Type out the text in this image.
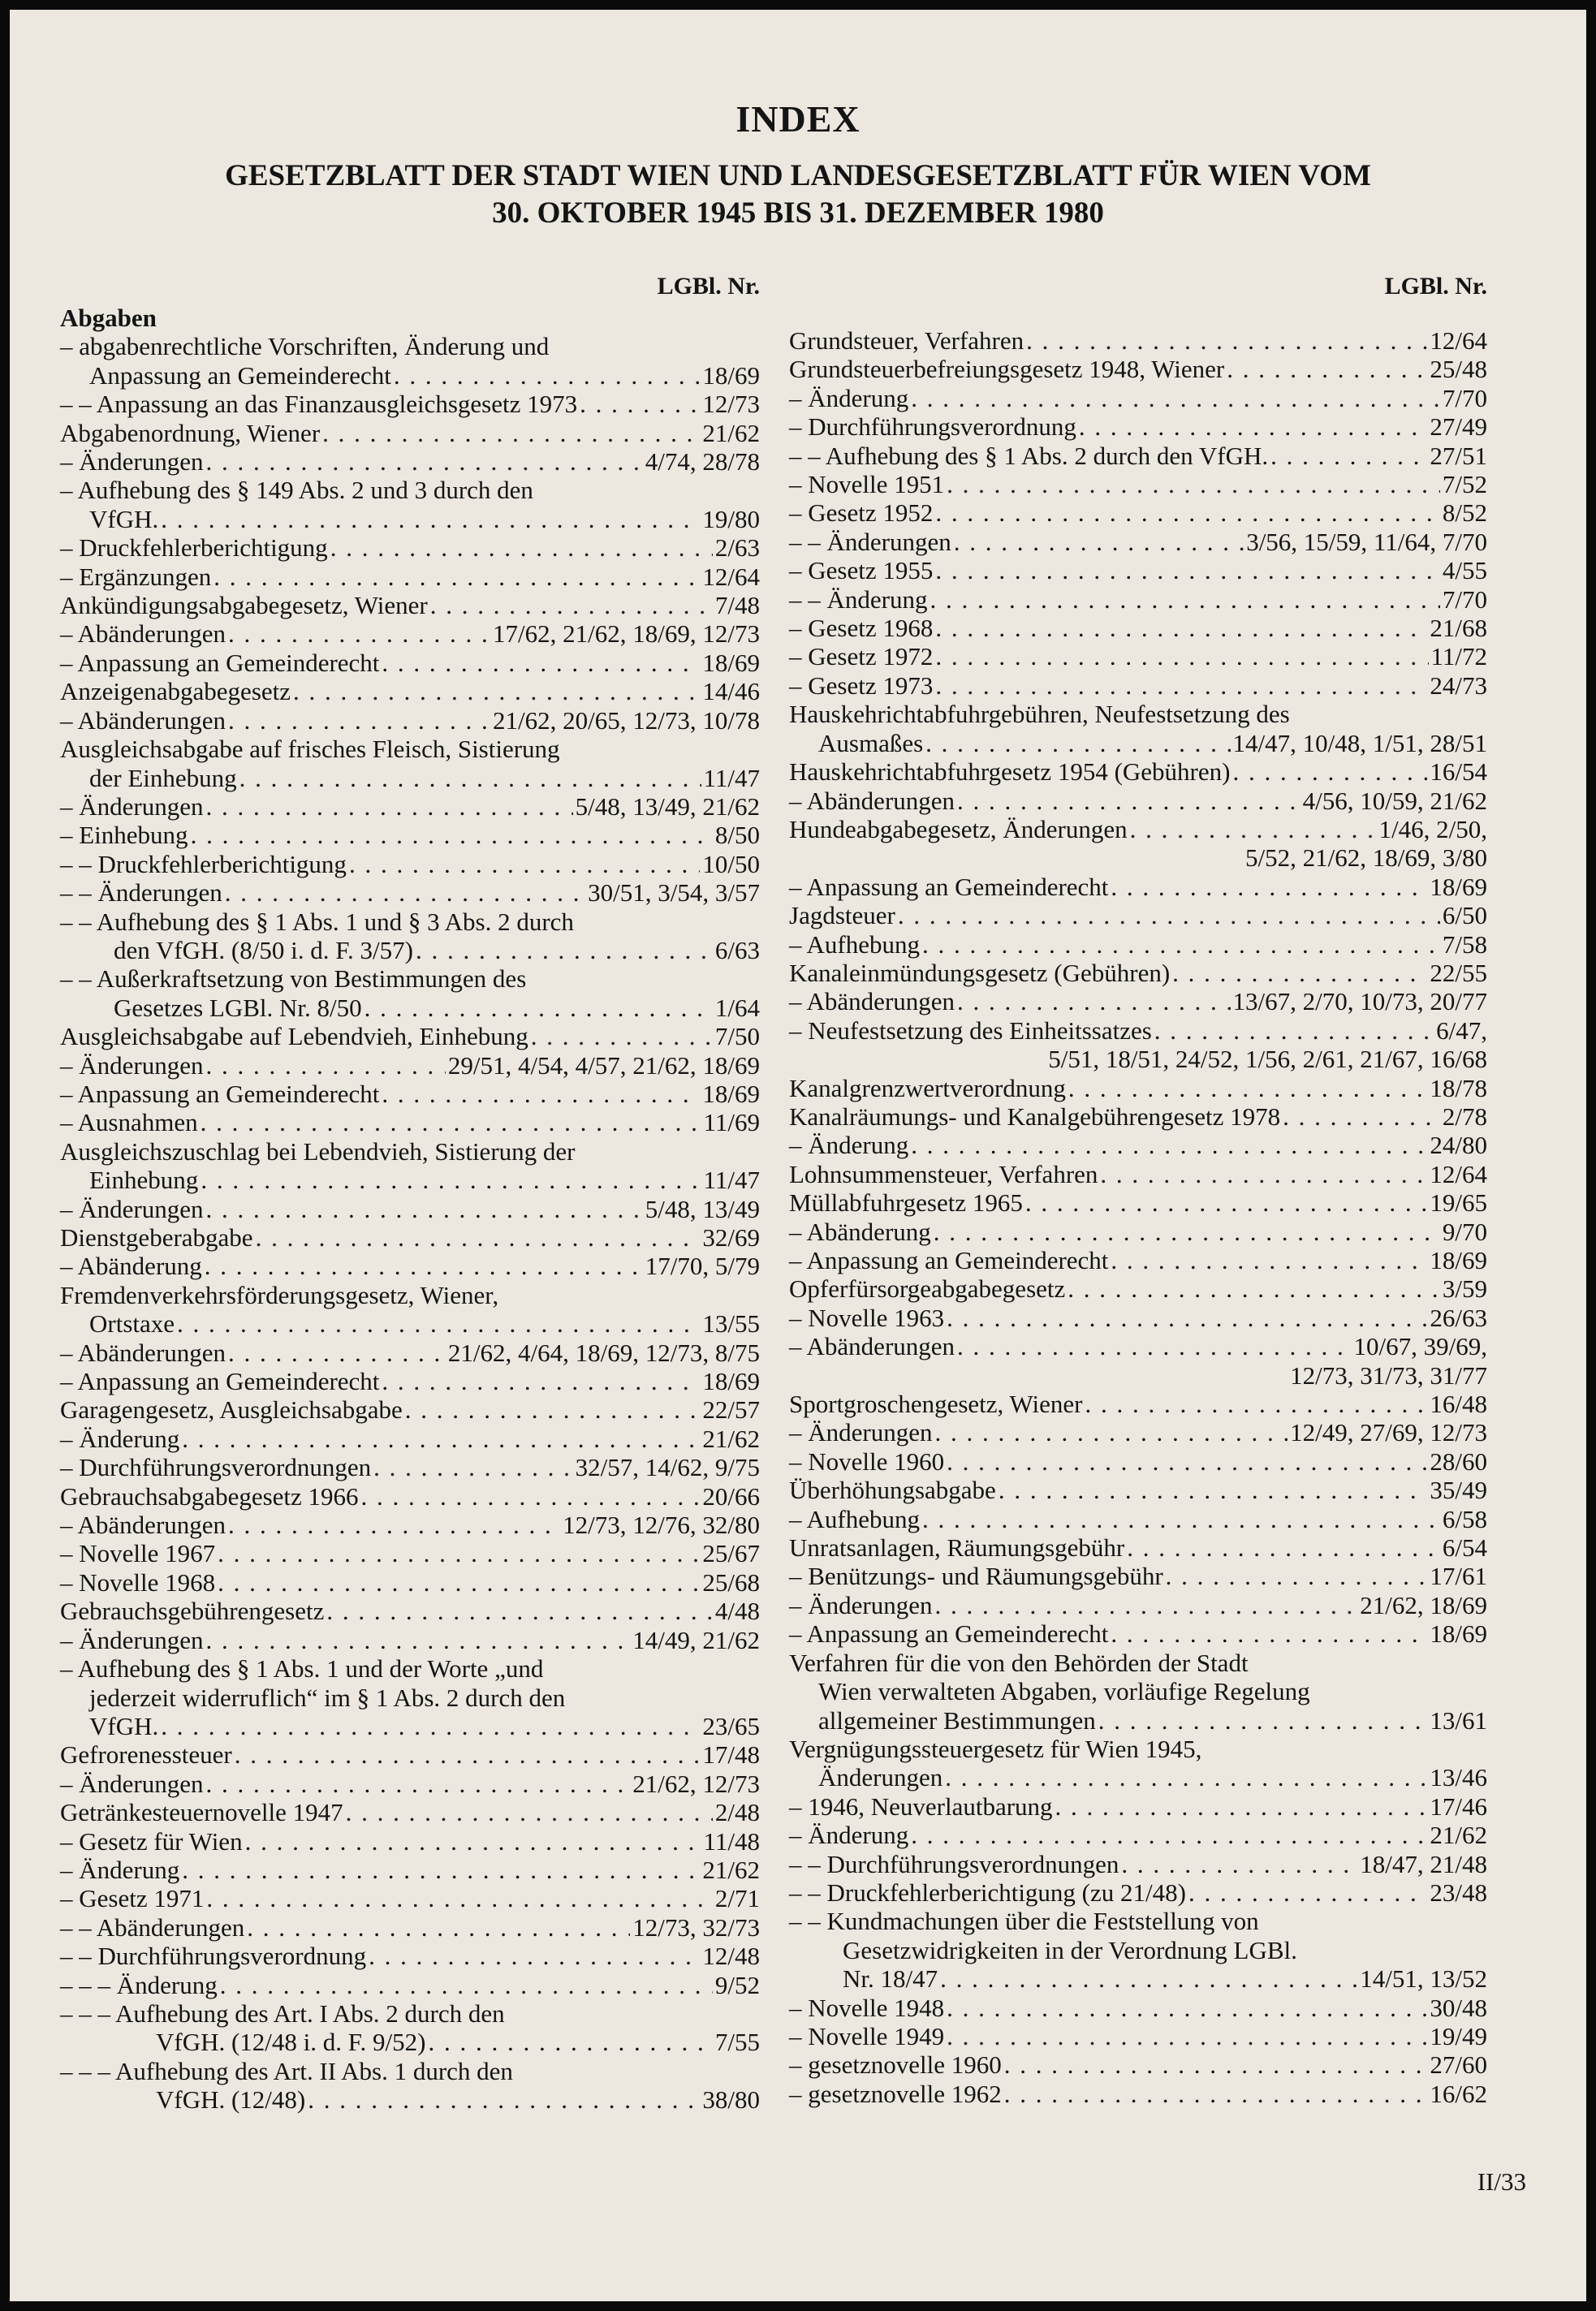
INDEX
GESETZBLATT DER STADT WIEN UND LANDESGESETZBLATT FÜR WIEN VOM
30. OKTOBER 1945 BIS 31. DEZEMBER 1980
LGBl. Nr.
Abgaben
– abgabenrechtliche Vorschriften, Änderung und
Anpassung an Gemeinderecht . . .	18/69
– – Anpassung an das Finanzausgleichsgesetz 1973 . . .	12/73
Abgabenordnung, Wiener . . .	21/62
– Änderungen . . .	4/74, 28/78
– Aufhebung des § 149 Abs. 2 und 3 durch den
VfGH. . . .	19/80
– Druckfehlerberichtigung . . .	2/63
– Ergänzungen . . .	12/64
Ankündigungsabgabegesetz, Wiener . . .	7/48
– Abänderungen . . .	17/62, 21/62, 18/69, 12/73
– Anpassung an Gemeinderecht . . .	18/69
Anzeigenabgabegesetz . . .	14/46
– Abänderungen . . .	21/62, 20/65, 12/73, 10/78
Ausgleichsabgabe auf frisches Fleisch, Sistierung
der Einhebung . . .	11/47
– Änderungen . . .	5/48, 13/49, 21/62
– Einhebung . . .	8/50
– – Druckfehlerberichtigung . . .	10/50
– – Änderungen . . .	30/51, 3/54, 3/57
– – Aufhebung des § 1 Abs. 1 und § 3 Abs. 2 durch
den VfGH. (8/50 i. d. F. 3/57) . . .	6/63
– – Außerkraftsetzung von Bestimmungen des
Gesetzes LGBl. Nr. 8/50 . . .	1/64
Ausgleichsabgabe auf Lebendvieh, Einhebung . . .	7/50
– Änderungen . . .	29/51, 4/54, 4/57, 21/62, 18/69
– Anpassung an Gemeinderecht . . .	18/69
– Ausnahmen . . .	11/69
Ausgleichszuschlag bei Lebendvieh, Sistierung der
Einhebung . . .	11/47
– Änderungen . . .	5/48, 13/49
Dienstgeberabgabe . . .	32/69
– Abänderung . . .	17/70, 5/79
Fremdenverkehrsförderungsgesetz, Wiener,
Ortstaxe . . .	13/55
– Abänderungen . . .	21/62, 4/64, 18/69, 12/73, 8/75
– Anpassung an Gemeinderecht . . .	18/69
Garagengesetz, Ausgleichsabgabe . . .	22/57
– Änderung . . .	21/62
– Durchführungsverordnungen . . .	32/57, 14/62, 9/75
Gebrauchsabgabegesetz 1966 . . .	20/66
– Abänderungen . . .	12/73, 12/76, 32/80
– Novelle 1967 . . .	25/67
– Novelle 1968 . . .	25/68
Gebrauchsgebührengesetz . . .	4/48
– Änderungen . . .	14/49, 21/62
– Aufhebung des § 1 Abs. 1 und der Worte „und
jederzeit widerruflich“ im § 1 Abs. 2 durch den
VfGH. . . .	23/65
Gefrorenessteuer . . .	17/48
– Änderungen . . .	21/62, 12/73
Getränkesteuernovelle 1947 . . .	2/48
– Gesetz für Wien . . .	11/48
– Änderung . . .	21/62
– Gesetz 1971 . . .	2/71
– – Abänderungen . . .	12/73, 32/73
– – Durchführungsverordnung . . .	12/48
– – – Änderung . . .	9/52
– – – Aufhebung des Art. I Abs. 2 durch den
VfGH. (12/48 i. d. F. 9/52) . . .	7/55
– – – Aufhebung des Art. II Abs. 1 durch den
VfGH. (12/48) . . .	38/80
LGBl. Nr.
Grundsteuer, Verfahren . . .	12/64
Grundsteuerbefreiungsgesetz 1948, Wiener . . .	25/48
– Änderung . . .	7/70
– Durchführungsverordnung . . .	27/49
– – Aufhebung des § 1 Abs. 2 durch den VfGH. . . .	27/51
– Novelle 1951 . . .	7/52
– Gesetz 1952 . . .	8/52
– – Änderungen . . .	3/56, 15/59, 11/64, 7/70
– Gesetz 1955 . . .	4/55
– – Änderung . . .	7/70
– Gesetz 1968 . . .	21/68
– Gesetz 1972 . . .	11/72
– Gesetz 1973 . . .	24/73
Hauskehrichtabfuhrgebühren, Neufestsetzung des
Ausmaßes . . .	14/47, 10/48, 1/51, 28/51
Hauskehrichtabfuhrgesetz 1954 (Gebühren) . . .	16/54
– Abänderungen . . .	4/56, 10/59, 21/62
Hundeabgabegesetz, Änderungen . . .	1/46, 2/50,
5/52, 21/62, 18/69, 3/80
– Anpassung an Gemeinderecht . . .	18/69
Jagdsteuer . . .	6/50
– Aufhebung . . .	7/58
Kanaleinmündungsgesetz (Gebühren) . . .	22/55
– Abänderungen . . .	13/67, 2/70, 10/73, 20/77
– Neufestsetzung des Einheitssatzes . . .	6/47,
5/51, 18/51, 24/52, 1/56, 2/61, 21/67, 16/68
Kanalgrenzwertverordnung . . .	18/78
Kanalräumungs- und Kanalgebührengesetz 1978 . . .	2/78
– Änderung . . .	24/80
Lohnsummensteuer, Verfahren . . .	12/64
Müllabfuhrgesetz 1965 . . .	19/65
– Abänderung . . .	9/70
– Anpassung an Gemeinderecht . . .	18/69
Opferfürsorgeabgabegesetz . . .	3/59
– Novelle 1963 . . .	26/63
– Abänderungen . . .	10/67, 39/69,
12/73, 31/73, 31/77
Sportgroschengesetz, Wiener . . .	16/48
– Änderungen . . .	12/49, 27/69, 12/73
– Novelle 1960 . . .	28/60
Überhöhungsabgabe . . .	35/49
– Aufhebung . . .	6/58
Unratsanlagen, Räumungsgebühr . . .	6/54
– Benützungs- und Räumungsgebühr . . .	17/61
– Änderungen . . .	21/62, 18/69
– Anpassung an Gemeinderecht . . .	18/69
Verfahren für die von den Behörden der Stadt
Wien verwalteten Abgaben, vorläufige Regelung
allgemeiner Bestimmungen . . .	13/61
Vergnügungssteuergesetz für Wien 1945,
Änderungen . . .	13/46
– 1946, Neuverlautbarung . . .	17/46
– Änderung . . .	21/62
– – Durchführungsverordnungen . . .	18/47, 21/48
– – Druckfehlerberichtigung (zu 21/48) . . .	23/48
– – Kundmachungen über die Feststellung von
Gesetzwidrigkeiten in der Verordnung LGBl.
Nr. 18/47 . . .	14/51, 13/52
– Novelle 1948 . . .	30/48
– Novelle 1949 . . .	19/49
– gesetznovelle 1960 . . .	27/60
– gesetznovelle 1962 . . .	16/62
II/33
